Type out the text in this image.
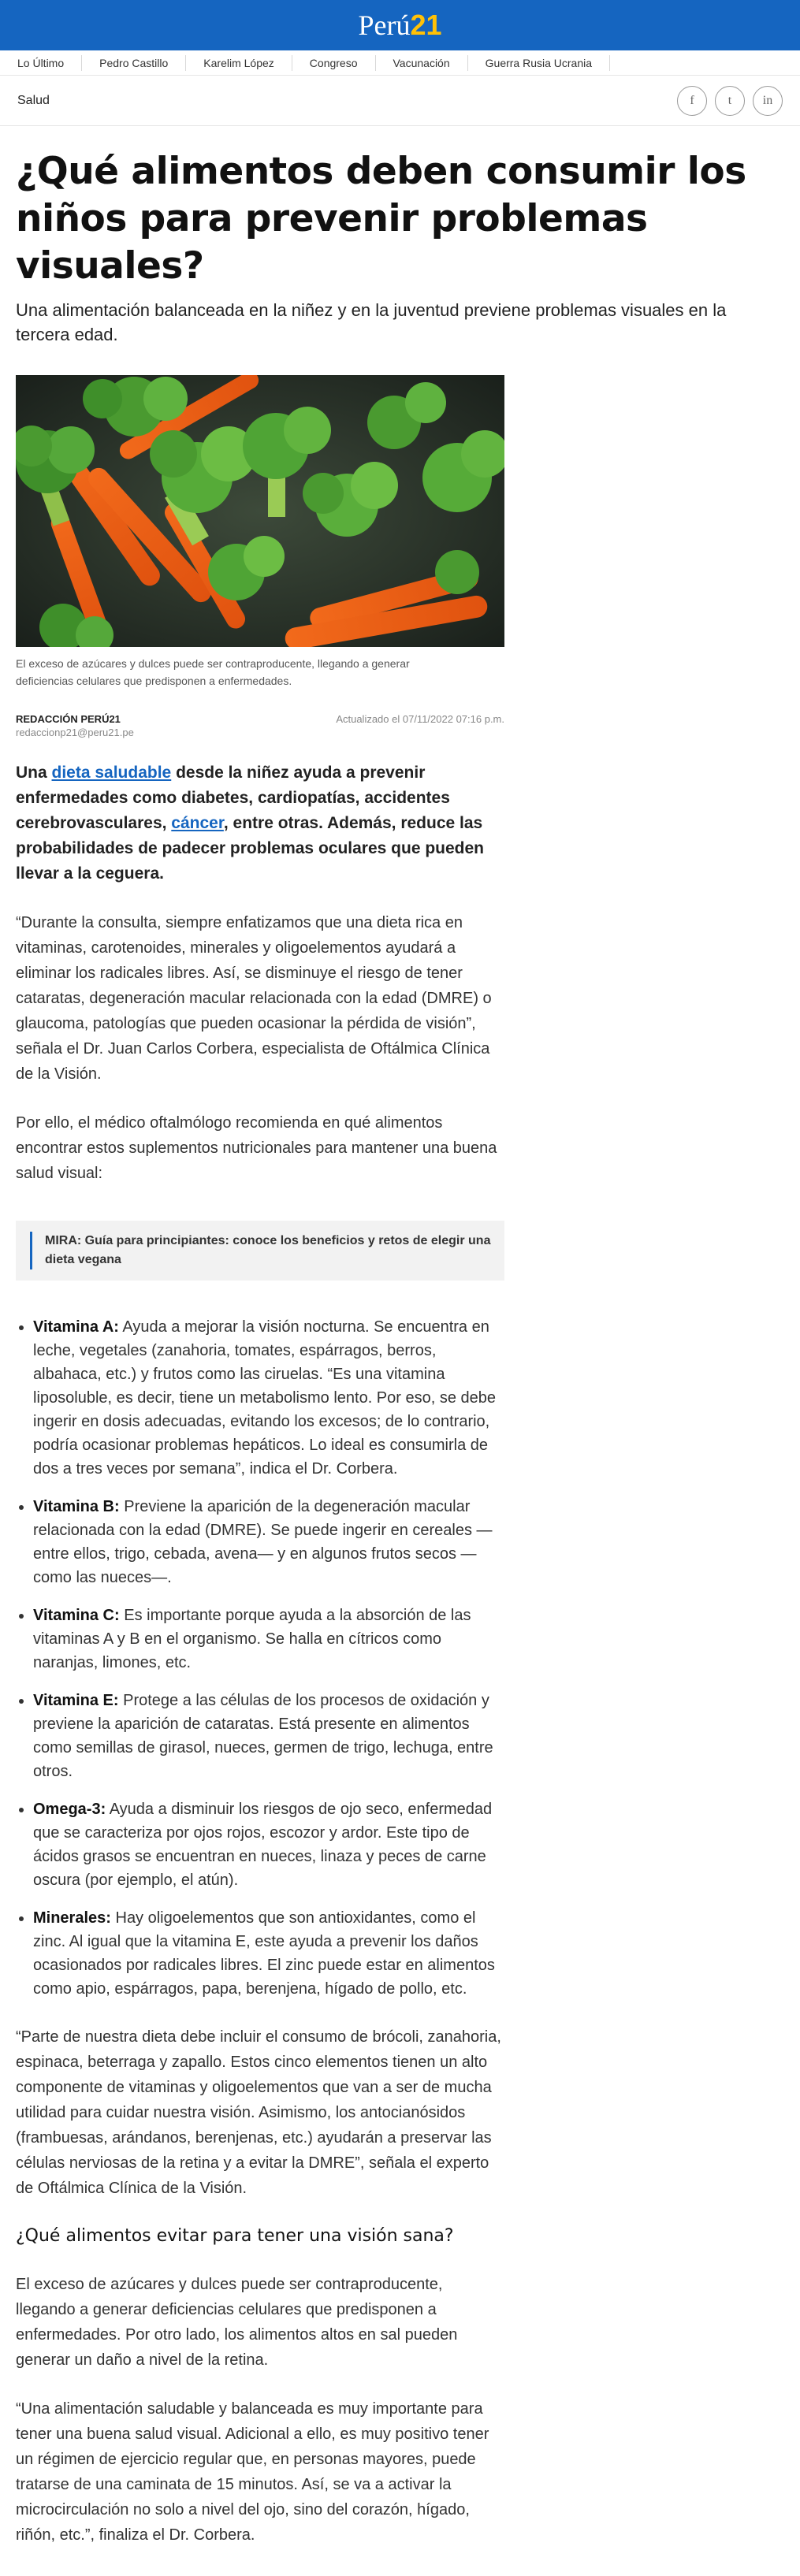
Perú21
Lo Último	Pedro Castillo	Karelim López	Congreso	Vacunación	Guerra Rusia Ucrania
Salud	f	t	in
¿Qué alimentos deben consumir los niños para prevenir problemas visuales?
Una alimentación balanceada en la niñez y en la juventud previene problemas visuales en la tercera edad.
El exceso de azúcares y dulces puede ser contraproducente, llegando a generar deficiencias celulares que predisponen a enfermedades.
REDACCIÓN PERÚ21
redaccionp21@peru21.pe
Actualizado el 07/11/2022 07:16 p.m.
Una dieta saludable desde la niñez ayuda a prevenir enfermedades como diabetes, cardiopatías, accidentes cerebrovasculares, cáncer, entre otras. Además, reduce las probabilidades de padecer problemas oculares que pueden llevar a la ceguera.

“Durante la consulta, siempre enfatizamos que una dieta rica en vitaminas, carotenoides, minerales y oligoelementos ayudará a eliminar los radicales libres. Así, se disminuye el riesgo de tener cataratas, degeneración macular relacionada con la edad (DMRE) o glaucoma, patologías que pueden ocasionar la pérdida de visión”, señala el Dr. Juan Carlos Corbera, especialista de Oftálmica Clínica de la Visión.

Por ello, el médico oftalmólogo recomienda en qué alimentos encontrar estos suplementos nutricionales para mantener una buena salud visual:

MIRA: Guía para principiantes: conoce los beneficios y retos de elegir una dieta vegana
• Vitamina A: Ayuda a mejorar la visión nocturna. Se encuentra en leche, vegetales (zanahoria, tomates, espárragos, berros, albahaca, etc.) y frutos como las ciruelas. “Es una vitamina liposoluble, es decir, tiene un metabolismo lento. Por eso, se debe ingerir en dosis adecuadas, evitando los excesos; de lo contrario, podría ocasionar problemas hepáticos. Lo ideal es consumirla de dos a tres veces por semana”, indica el Dr. Corbera.
• Vitamina B: Previene la aparición de la degeneración macular relacionada con la edad (DMRE). Se puede ingerir en cereales —entre ellos, trigo, cebada, avena— y en algunos frutos secos —como las nueces—.
• Vitamina C: Es importante porque ayuda a la absorción de las vitaminas A y B en el organismo. Se halla en cítricos como naranjas, limones, etc.
• Vitamina E: Protege a las células de los procesos de oxidación y previene la aparición de cataratas. Está presente en alimentos como semillas de girasol, nueces, germen de trigo, lechuga, entre otros.
• Omega-3: Ayuda a disminuir los riesgos de ojo seco, enfermedad que se caracteriza por ojos rojos, escozor y ardor. Este tipo de ácidos grasos se encuentran en nueces, linaza y peces de carne oscura (por ejemplo, el atún).
• Minerales: Hay oligoelementos que son antioxidantes, como el zinc. Al igual que la vitamina E, este ayuda a prevenir los daños ocasionados por radicales libres. El zinc puede estar en alimentos como apio, espárragos, papa, berenjena, hígado de pollo, etc.

“Parte de nuestra dieta debe incluir el consumo de brócoli, zanahoria, espinaca, beterraga y zapallo. Estos cinco elementos tienen un alto componente de vitaminas y oligoelementos que van a ser de mucha utilidad para cuidar nuestra visión. Asimismo, los antocianósidos (frambuesas, arándanos, berenjenas, etc.) ayudarán a preservar las células nerviosas de la retina y a evitar la DMRE”, señala el experto de Oftálmica Clínica de la Visión.

¿Qué alimentos evitar para tener una visión sana?

El exceso de azúcares y dulces puede ser contraproducente, llegando a generar deficiencias celulares que predisponen a enfermedades. Por otro lado, los alimentos altos en sal pueden generar un daño a nivel de la retina.

“Una alimentación saludable y balanceada es muy importante para tener una buena salud visual. Adicional a ello, es muy positivo tener un régimen de ejercicio regular que, en personas mayores, puede tratarse de una caminata de 15 minutos. Así, se va a activar la microcirculación no solo a nivel del ojo, sino del corazón, hígado, riñón, etc.”, finaliza el Dr. Corbera.
